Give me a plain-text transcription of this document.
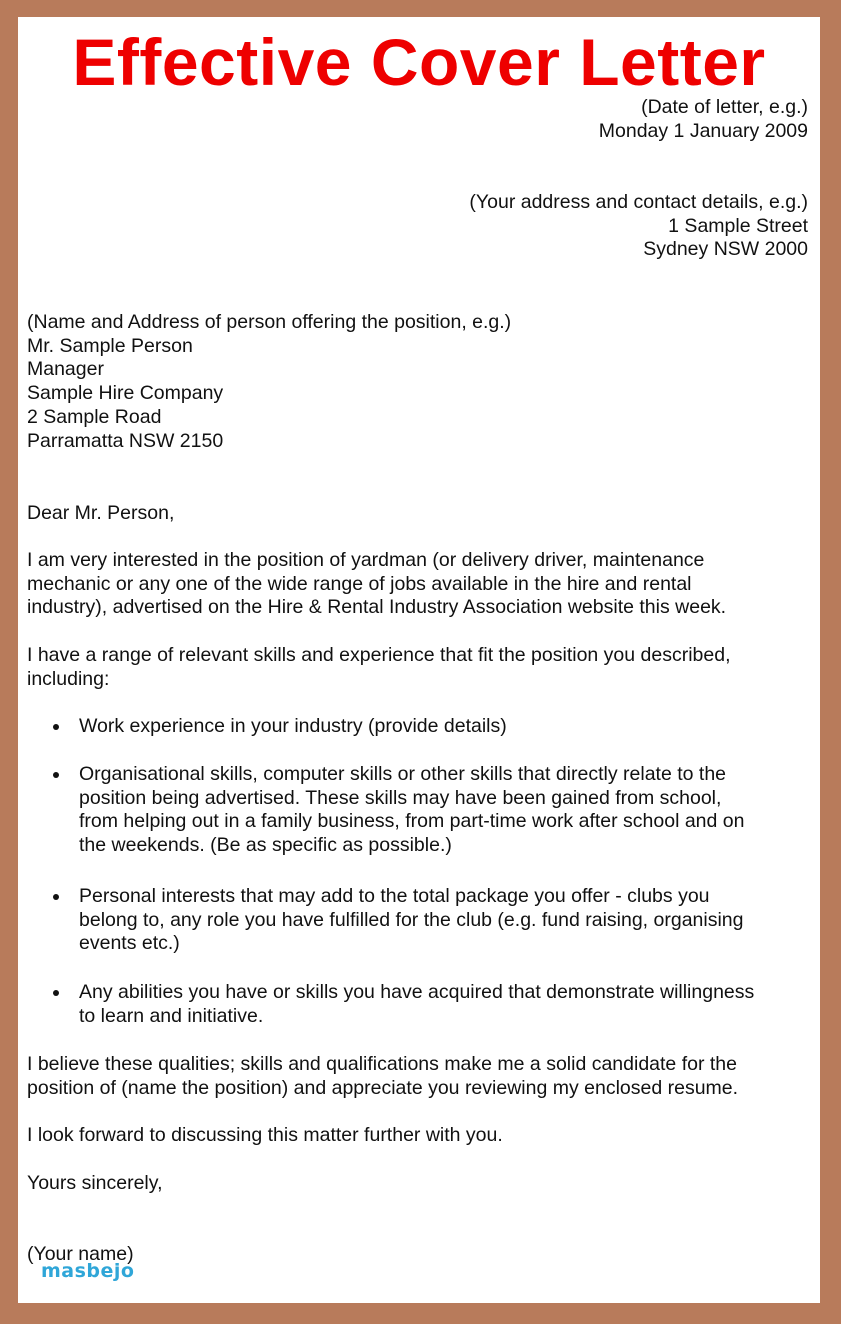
Effective Cover Letter
(Date of letter, e.g.)
Monday 1 January 2009
(Your address and contact details, e.g.)
1 Sample Street
Sydney NSW 2000
(Name and Address of person offering the position, e.g.)
Mr. Sample Person
Manager
Sample Hire Company
2 Sample Road
Parramatta NSW 2150
Dear Mr. Person,
I am very interested in the position of yardman (or delivery driver, maintenance
mechanic or any one of the wide range of jobs available in the hire and rental
industry), advertised on the Hire & Rental Industry Association website this week.
I have a range of relevant skills and experience that fit the position you described,
including:
Work experience in your industry (provide details)
Organisational skills, computer skills or other skills that directly relate to the
position being advertised. These skills may have been gained from school,
from helping out in a family business, from part-time work after school and on
the weekends. (Be as specific as possible.)
Personal interests that may add to the total package you offer - clubs you
belong to, any role you have fulfilled for the club (e.g. fund raising, organising
events etc.)
Any abilities you have or skills you have acquired that demonstrate willingness
to learn and initiative.
I believe these qualities; skills and qualifications make me a solid candidate for the
position of (name the position) and appreciate you reviewing my enclosed resume.
I look forward to discussing this matter further with you.
Yours sincerely,
(Your name)
masbejo
